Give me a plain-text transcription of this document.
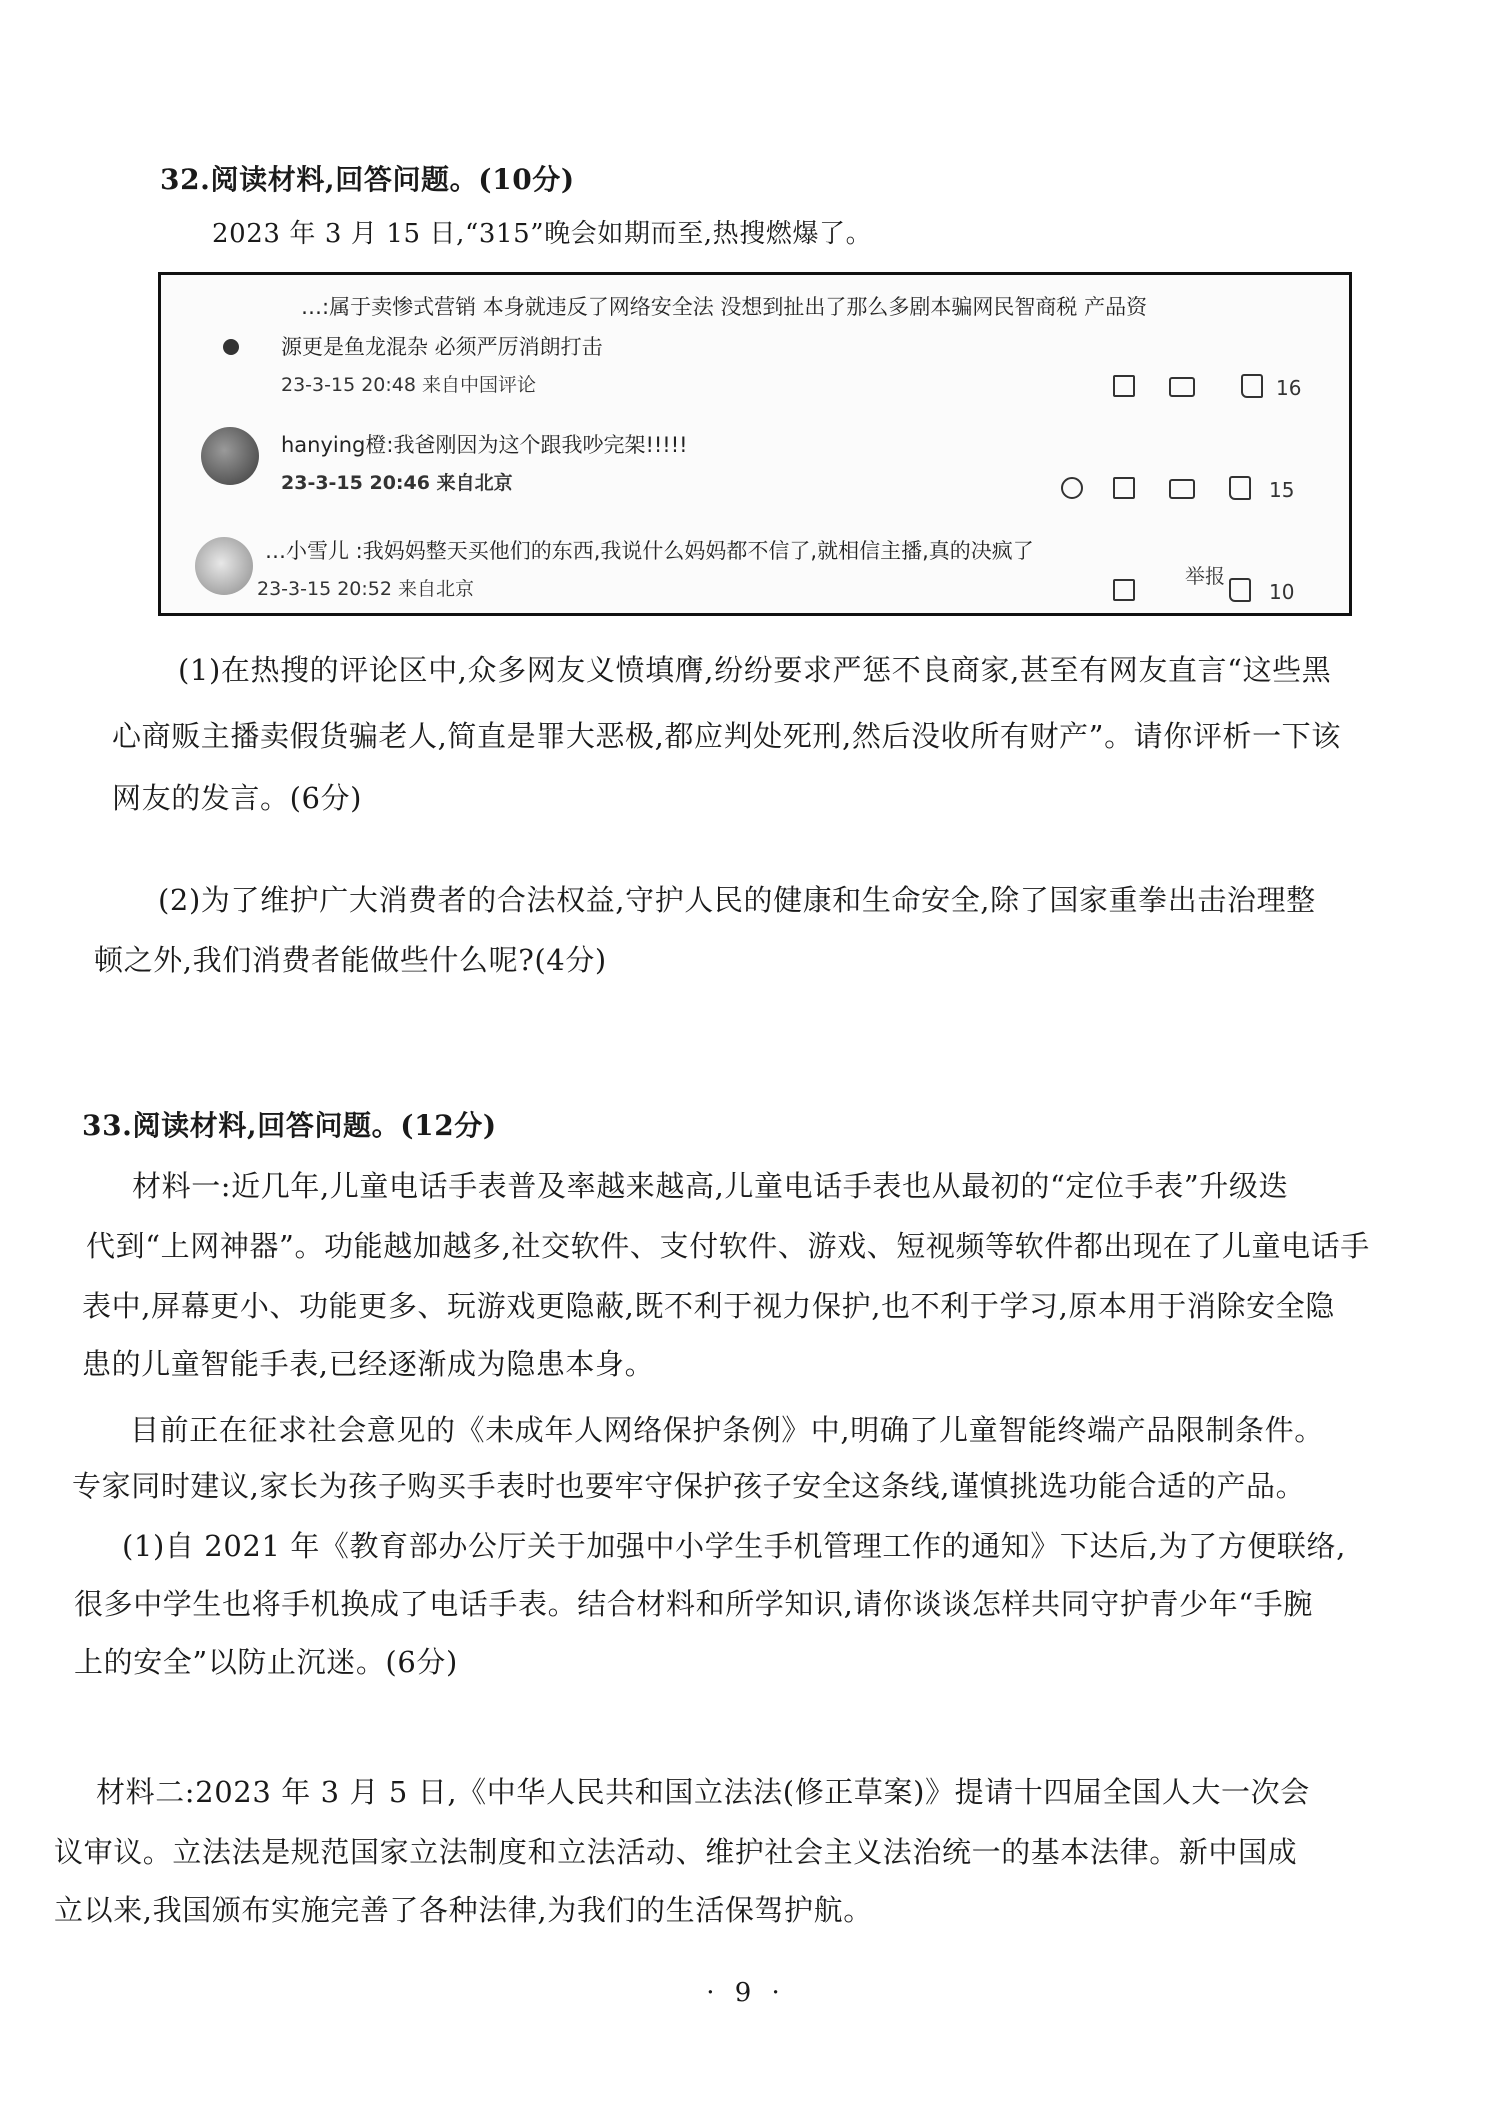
32.阅读材料,回答问题。(10分)
2023 年 3 月 15 日,“315”晚会如期而至,热搜燃爆了。
…:属于卖惨式营销 本身就违反了网络安全法 没想到扯出了那么多剧本骗网民智商税 产品资
源更是鱼龙混杂 必须严厉消朗打击
23-3-15 20:48 来自中国评论	16
hanying橙:我爸刚因为这个跟我吵完架!!!!!
23-3-15 20:46 来自北京	15
…小雪儿 :我妈妈整天买他们的东西,我说什么妈妈都不信了,就相信主播,真的决疯了
23-3-15 20:52 来自北京
举报
10
(1)在热搜的评论区中,众多网友义愤填膺,纷纷要求严惩不良商家,甚至有网友直言“这些黑
心商贩主播卖假货骗老人,简直是罪大恶极,都应判处死刑,然后没收所有财产”。请你评析一下该
网友的发言。(6分)
(2)为了维护广大消费者的合法权益,守护人民的健康和生命安全,除了国家重拳出击治理整
顿之外,我们消费者能做些什么呢?(4分)
33.阅读材料,回答问题。(12分)
材料一:近几年,儿童电话手表普及率越来越高,儿童电话手表也从最初的“定位手表”升级迭
代到“上网神器”。功能越加越多,社交软件、支付软件、游戏、短视频等软件都出现在了儿童电话手
表中,屏幕更小、功能更多、玩游戏更隐蔽,既不利于视力保护,也不利于学习,原本用于消除安全隐
患的儿童智能手表,已经逐渐成为隐患本身。
目前正在征求社会意见的《未成年人网络保护条例》中,明确了儿童智能终端产品限制条件。
专家同时建议,家长为孩子购买手表时也要牢守保护孩子安全这条线,谨慎挑选功能合适的产品。
(1)自 2021 年《教育部办公厅关于加强中小学生手机管理工作的通知》下达后,为了方便联络,
很多中学生也将手机换成了电话手表。结合材料和所学知识,请你谈谈怎样共同守护青少年“手腕
上的安全”以防止沉迷。(6分)
材料二:2023 年 3 月 5 日,《中华人民共和国立法法(修正草案)》提请十四届全国人大一次会
议审议。立法法是规范国家立法制度和立法活动、维护社会主义法治统一的基本法律。新中国成
立以来,我国颁布实施完善了各种法律,为我们的生活保驾护航。
· 9 ·
